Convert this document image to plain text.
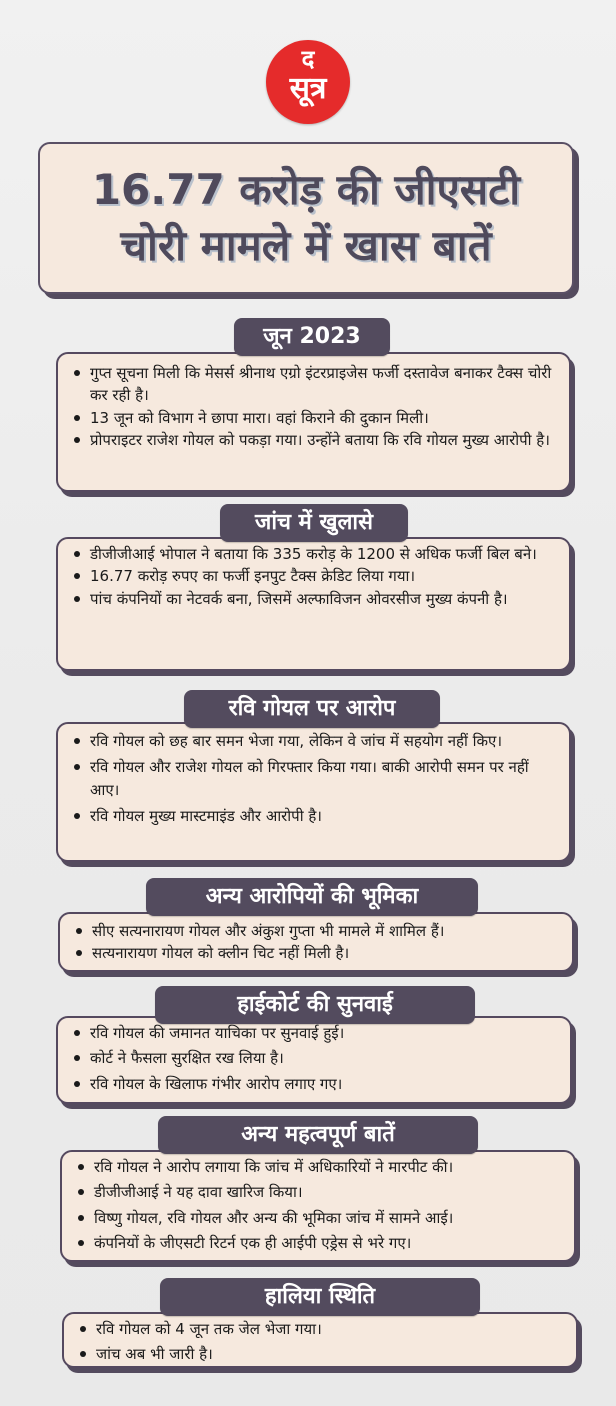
द
सूत्र
16.77 करोड़ की जीएसटी
चोरी मामले में खास बातें
गुप्त सूचना मिली कि मेसर्स श्रीनाथ एग्रो इंटरप्राइजेस फर्जी दस्तावेज बनाकर टैक्स चोरी कर रही है।
13 जून को विभाग ने छापा मारा। वहां किराने की दुकान मिली।
प्रोपराइटर राजेश गोयल को पकड़ा गया। उन्होंने बताया कि रवि गोयल मुख्य आरोपी है।
जून 2023
डीजीजीआई भोपाल ने बताया कि 335 करोड़ के 1200 से अधिक फर्जी बिल बने।
16.77 करोड़ रुपए का फर्जी इनपुट टैक्स क्रेडिट लिया गया।
पांच कंपनियों का नेटवर्क बना, जिसमें अल्फाविजन ओवरसीज मुख्य कंपनी है।
जांच में खुलासे
रवि गोयल को छह बार समन भेजा गया, लेकिन वे जांच में सहयोग नहीं किए।
रवि गोयल और राजेश गोयल को गिरफ्तार किया गया। बाकी आरोपी समन पर नहीं आए।
रवि गोयल मुख्य मास्टमाइंड और आरोपी है।
रवि गोयल पर आरोप
सीए सत्यनारायण गोयल और अंकुश गुप्ता भी मामले में शामिल हैं।
सत्यनारायण गोयल को क्लीन चिट नहीं मिली है।
अन्य आरोपियों की भूमिका
रवि गोयल की जमानत याचिका पर सुनवाई हुई।
कोर्ट ने फैसला सुरक्षित रख लिया है।
रवि गोयल के खिलाफ गंभीर आरोप लगाए गए।
हाईकोर्ट की सुनवाई
रवि गोयल ने आरोप लगाया कि जांच में अधिकारियों ने मारपीट की।
डीजीजीआई ने यह दावा खारिज किया।
विष्णु गोयल, रवि गोयल और अन्य की भूमिका जांच में सामने आई।
कंपनियों के जीएसटी रिटर्न एक ही आईपी एड्रेस से भरे गए।
अन्य महत्वपूर्ण बातें
रवि गोयल को 4 जून तक जेल भेजा गया।
जांच अब भी जारी है।
हालिया स्थिति
